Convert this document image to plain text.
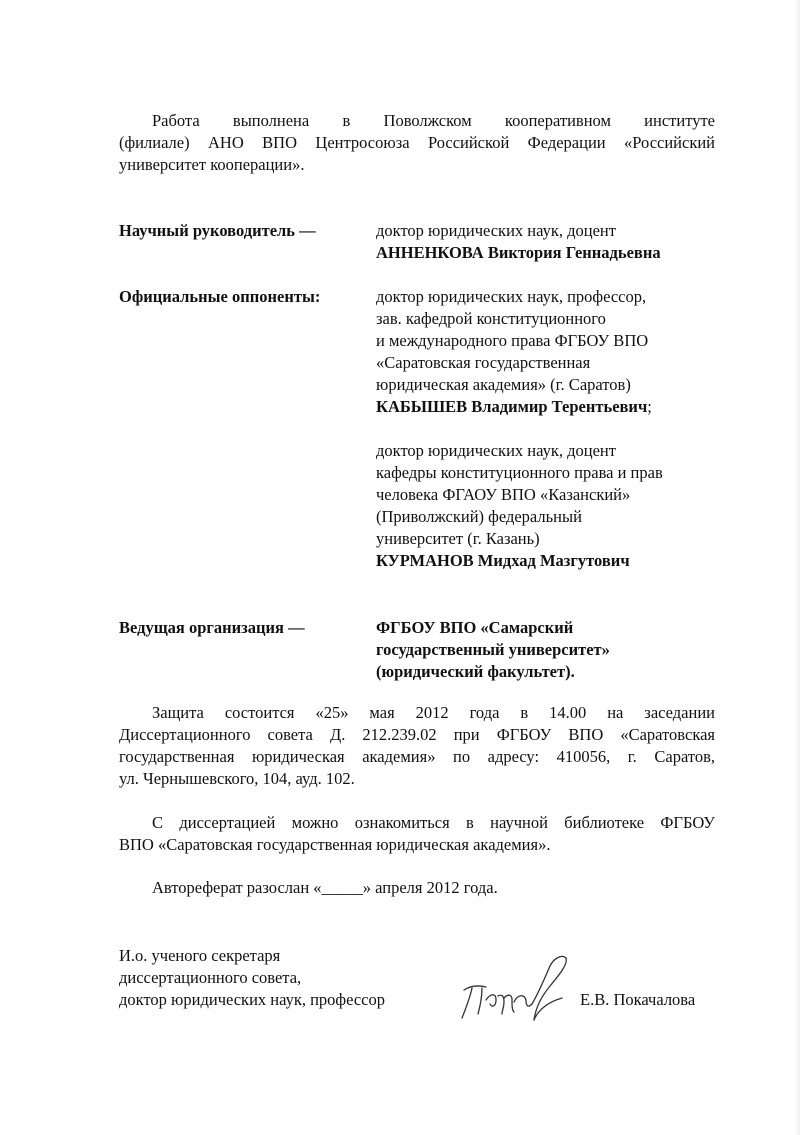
Работа выполнена в Поволжском кооперативном институте
(филиале) АНО ВПО Центросоюза Российской Федерации «Российский
университет кооперации».
Научный руководитель —	доктор юридических наук, доцент
АННЕНКОВА Виктория Геннадьевна
Официальные оппоненты:	доктор юридических наук, профессор,
зав. кафедрой конституционного
и международного права ФГБОУ ВПО
«Саратовская государственная
юридическая академия» (г. Саратов)
КАБЫШЕВ Владимир Терентьевич;
доктор юридических наук, доцент
кафедры конституционного права и прав
человека ФГАОУ ВПО «Казанский»
(Приволжский) федеральный
университет (г. Казань)
КУРМАНОВ Мидхад Мазгутович
Ведущая организация —	ФГБОУ ВПО «Самарский
государственный университет»
(юридический факультет).
Защита состоится «25» мая 2012 года в 14.00 на заседании
Диссертационного совета Д. 212.239.02 при ФГБОУ ВПО «Саратовская
государственная юридическая академия» по адресу: 410056, г. Саратов,
ул. Чернышевского, 104, ауд. 102.
С диссертацией можно ознакомиться в научной библиотеке ФГБОУ
ВПО «Саратовская государственная юридическая академия».
Автореферат разослан «_____» апреля 2012 года.
И.о. ученого секретаря
диссертационного совета,
доктор юридических наук, профессор	Е.В. Покачалова
